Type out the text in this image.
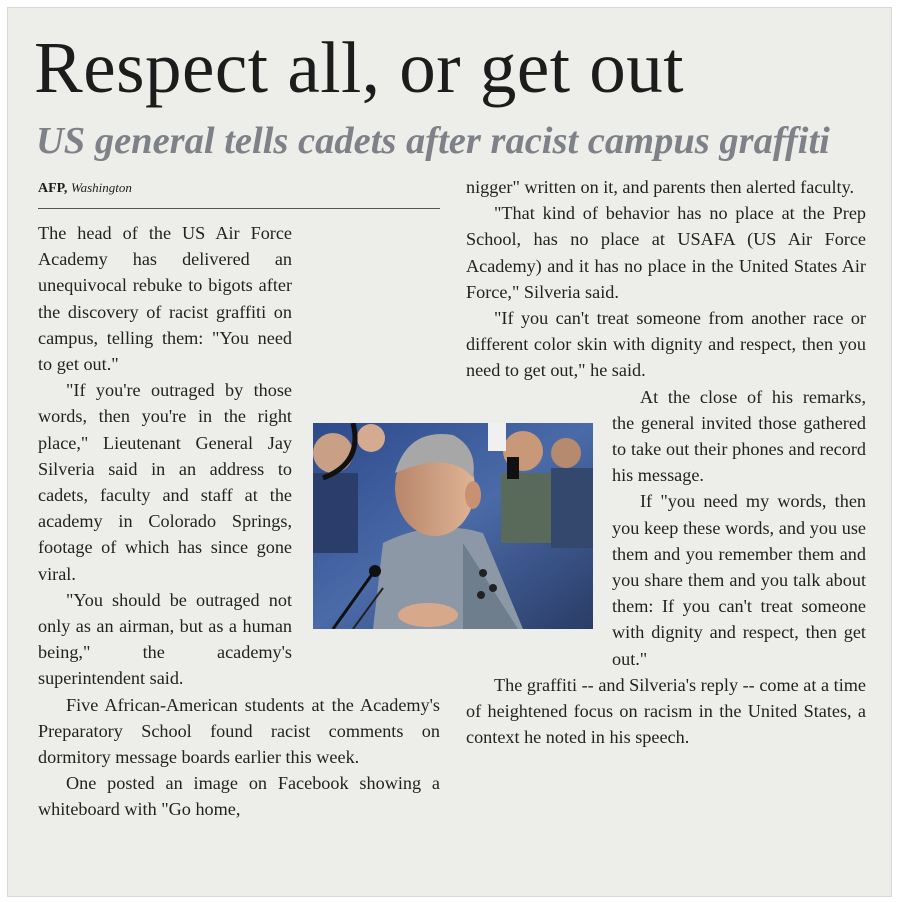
Respect all, or get out
US general tells cadets after racist campus graffiti
AFP, Washington

The head of the US Air Force Academy has delivered an unequivocal rebuke to bigots after the discovery of racist graffiti on campus, telling them: "You need to get out."

"If you're outraged by those words, then you're in the right place," Lieutenant General Jay Silveria said in an address to cadets, faculty and staff at the academy in Colorado Springs, footage of which has since gone viral.

"You should be outraged not only as an airman, but as a human being," the academy's superintendent said.

Five African-American students at the Academy's Preparatory School found racist comments on dormitory message boards earlier this week.

One posted an image on Facebook showing a whiteboard with "Go home,

nigger" written on it, and parents then alerted faculty.

"That kind of behavior has no place at the Prep School, has no place at USAFA (US Air Force Academy) and it has no place in the United States Air Force," Silveria said.

"If you can't treat someone from another race or different color skin with dignity and respect, then you need to get out," he said.

At the close of his remarks, the general invited those gathered to take out their phones and record his message.

If "you need my words, then you keep these words, and you use them and you remember them and you share them and you talk about them: If you can't treat someone with dignity and respect, then get out."

The graffiti -- and Silveria's reply -- come at a time of heightened focus on racism in the United States, a context he noted in his speech.
